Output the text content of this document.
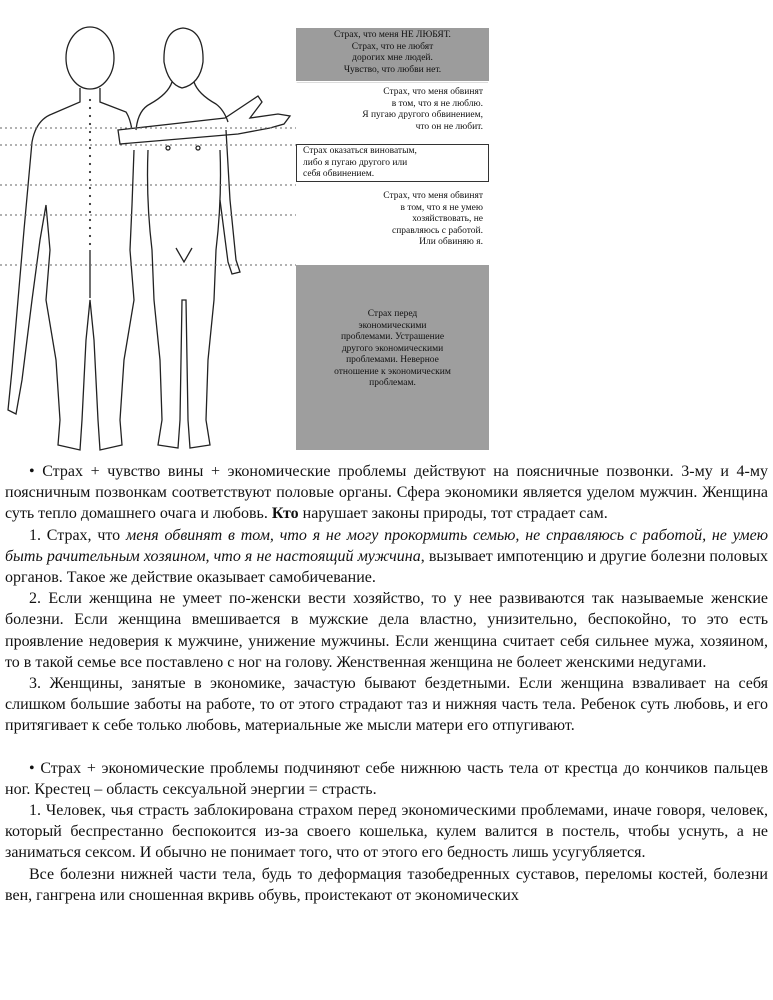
Страх, что меня НЕ ЛЮБЯТ.
Страх, что не любят
дорогих мне людей.
Чувство, что любви нет.
Страх, что меня обвинят
в том, что я не люблю.
Я пугаю другого обвинением,
что он не любит.
Страх оказаться виноватым,
либо я пугаю другого или
себя обвинением.
Страх, что меня обвинят
в том, что я не умею
хозяйствовать, не
справляюсь с работой.
Или обвиняю я.
Страх перед
экономическими
проблемами. Устрашение
другого экономическими
проблемами. Неверное
отношение к экономическим
проблемам.

• Страх + чувство вины + экономические проблемы действуют на поясничные позвонки. 3-му и 4-му поясничным позвонкам соответствуют половые органы. Сфера экономики является уделом мужчин. Женщина суть тепло домашнего очага и любовь. Кто нарушает законы природы, тот страдает сам.

1. Страх, что меня обвинят в том, что я не могу прокормить семью, не справляюсь с работой, не умею быть рачительным хозяином, что я не настоящий мужчина, вызывает импотенцию и другие болезни половых органов. Такое же действие оказывает самобичевание.

2. Если женщина не умеет по-женски вести хозяйство, то у нее развиваются так называемые женские болезни. Если женщина вмешивается в мужские дела властно, унизительно, беспокойно, то это есть проявление недоверия к мужчине, унижение мужчины. Если женщина считает себя сильнее мужа, хозяином, то в такой семье все поставлено с ног на голову. Женственная женщина не болеет женскими недугами.

3. Женщины, занятые в экономике, зачастую бывают бездетными. Если женщина взваливает на себя слишком большие заботы на работе, то от этого страдают таз и нижняя часть тела. Ребенок суть любовь, и его притягивает к себе только любовь, материальные же мысли матери его отпугивают.

• Страх + экономические проблемы подчиняют себе нижнюю часть тела от крестца до кончиков пальцев ног. Крестец – область сексуальной энергии = страсть.

1. Человек, чья страсть заблокирована страхом перед экономическими проблемами, иначе говоря, человек, который беспрестанно беспокоится из-за своего кошелька, кулем валится в постель, чтобы уснуть, а не заниматься сексом. И обычно не понимает того, что от этого его бедность лишь усугубляется.

Все болезни нижней части тела, будь то деформация тазобедренных суставов, переломы костей, болезни вен, гангрена или сношенная вкривь обувь, проистекают от экономических
